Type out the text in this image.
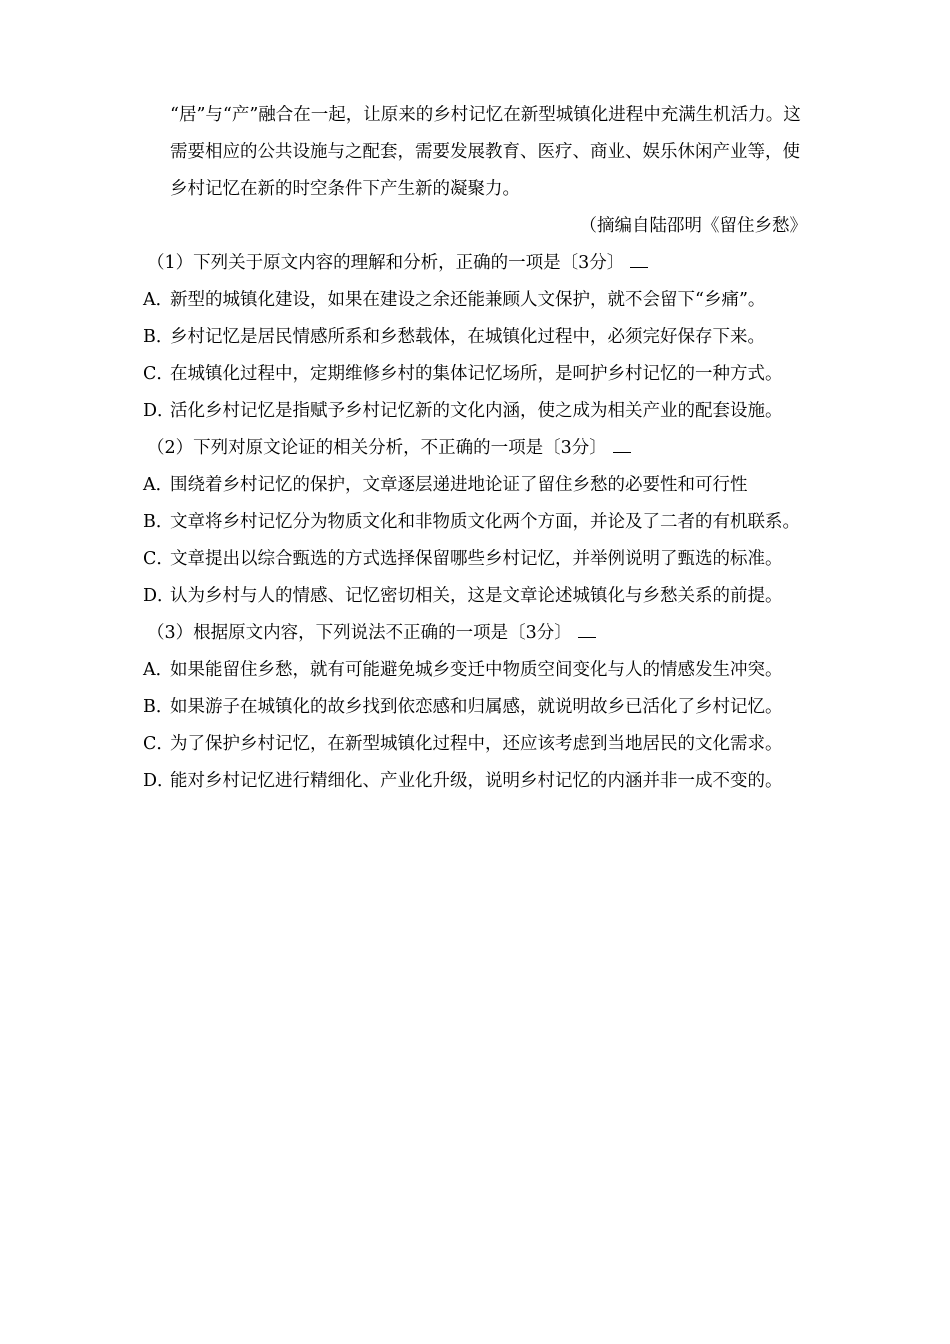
“居”与“产”融合在一起，让原来的乡村记忆在新型城镇化进程中充满生机活力。这需要相应的公共设施与之配套，需要发展教育、医疗、商业、娱乐休闲产业等，使乡村记忆在新的时空条件下产生新的凝聚力。

（摘编自陆邵明《留住乡愁》

（1）下列关于原文内容的理解和分析，正确的一项是〔3分〕

A．
新型的城镇化建设，如果在建设之余还能兼顾人文保护，就不会留下“乡痛”。

B．
乡村记忆是居民情感所系和乡愁载体，在城镇化过程中，必须完好保存下来。

C．
在城镇化过程中，定期维修乡村的集体记忆场所，是呵护乡村记忆的一种方式。

D．
活化乡村记忆是指赋予乡村记忆新的文化内涵，使之成为相关产业的配套设施。

（2）下列对原文论证的相关分析，不正确的一项是〔3分〕

A．
围绕着乡村记忆的保护，文章逐层递进地论证了留住乡愁的必要性和可行性

B．
文章将乡村记忆分为物质文化和非物质文化两个方面，并论及了二者的有机联系。

C．
文章提出以综合甄选的方式选择保留哪些乡村记忆，并举例说明了甄选的标准。

D．
认为乡村与人的情感、记忆密切相关，这是文章论述城镇化与乡愁关系的前提。

（3）根据原文内容，下列说法不正确的一项是〔3分〕

A．
如果能留住乡愁，就有可能避免城乡变迁中物质空间变化与人的情感发生冲突。

B．
如果游子在城镇化的故乡找到依恋感和归属感，就说明故乡已活化了乡村记忆。

C．
为了保护乡村记忆，在新型城镇化过程中，还应该考虑到当地居民的文化需求。

D．
能对乡村记忆进行精细化、产业化升级，说明乡村记忆的内涵并非一成不变的。
